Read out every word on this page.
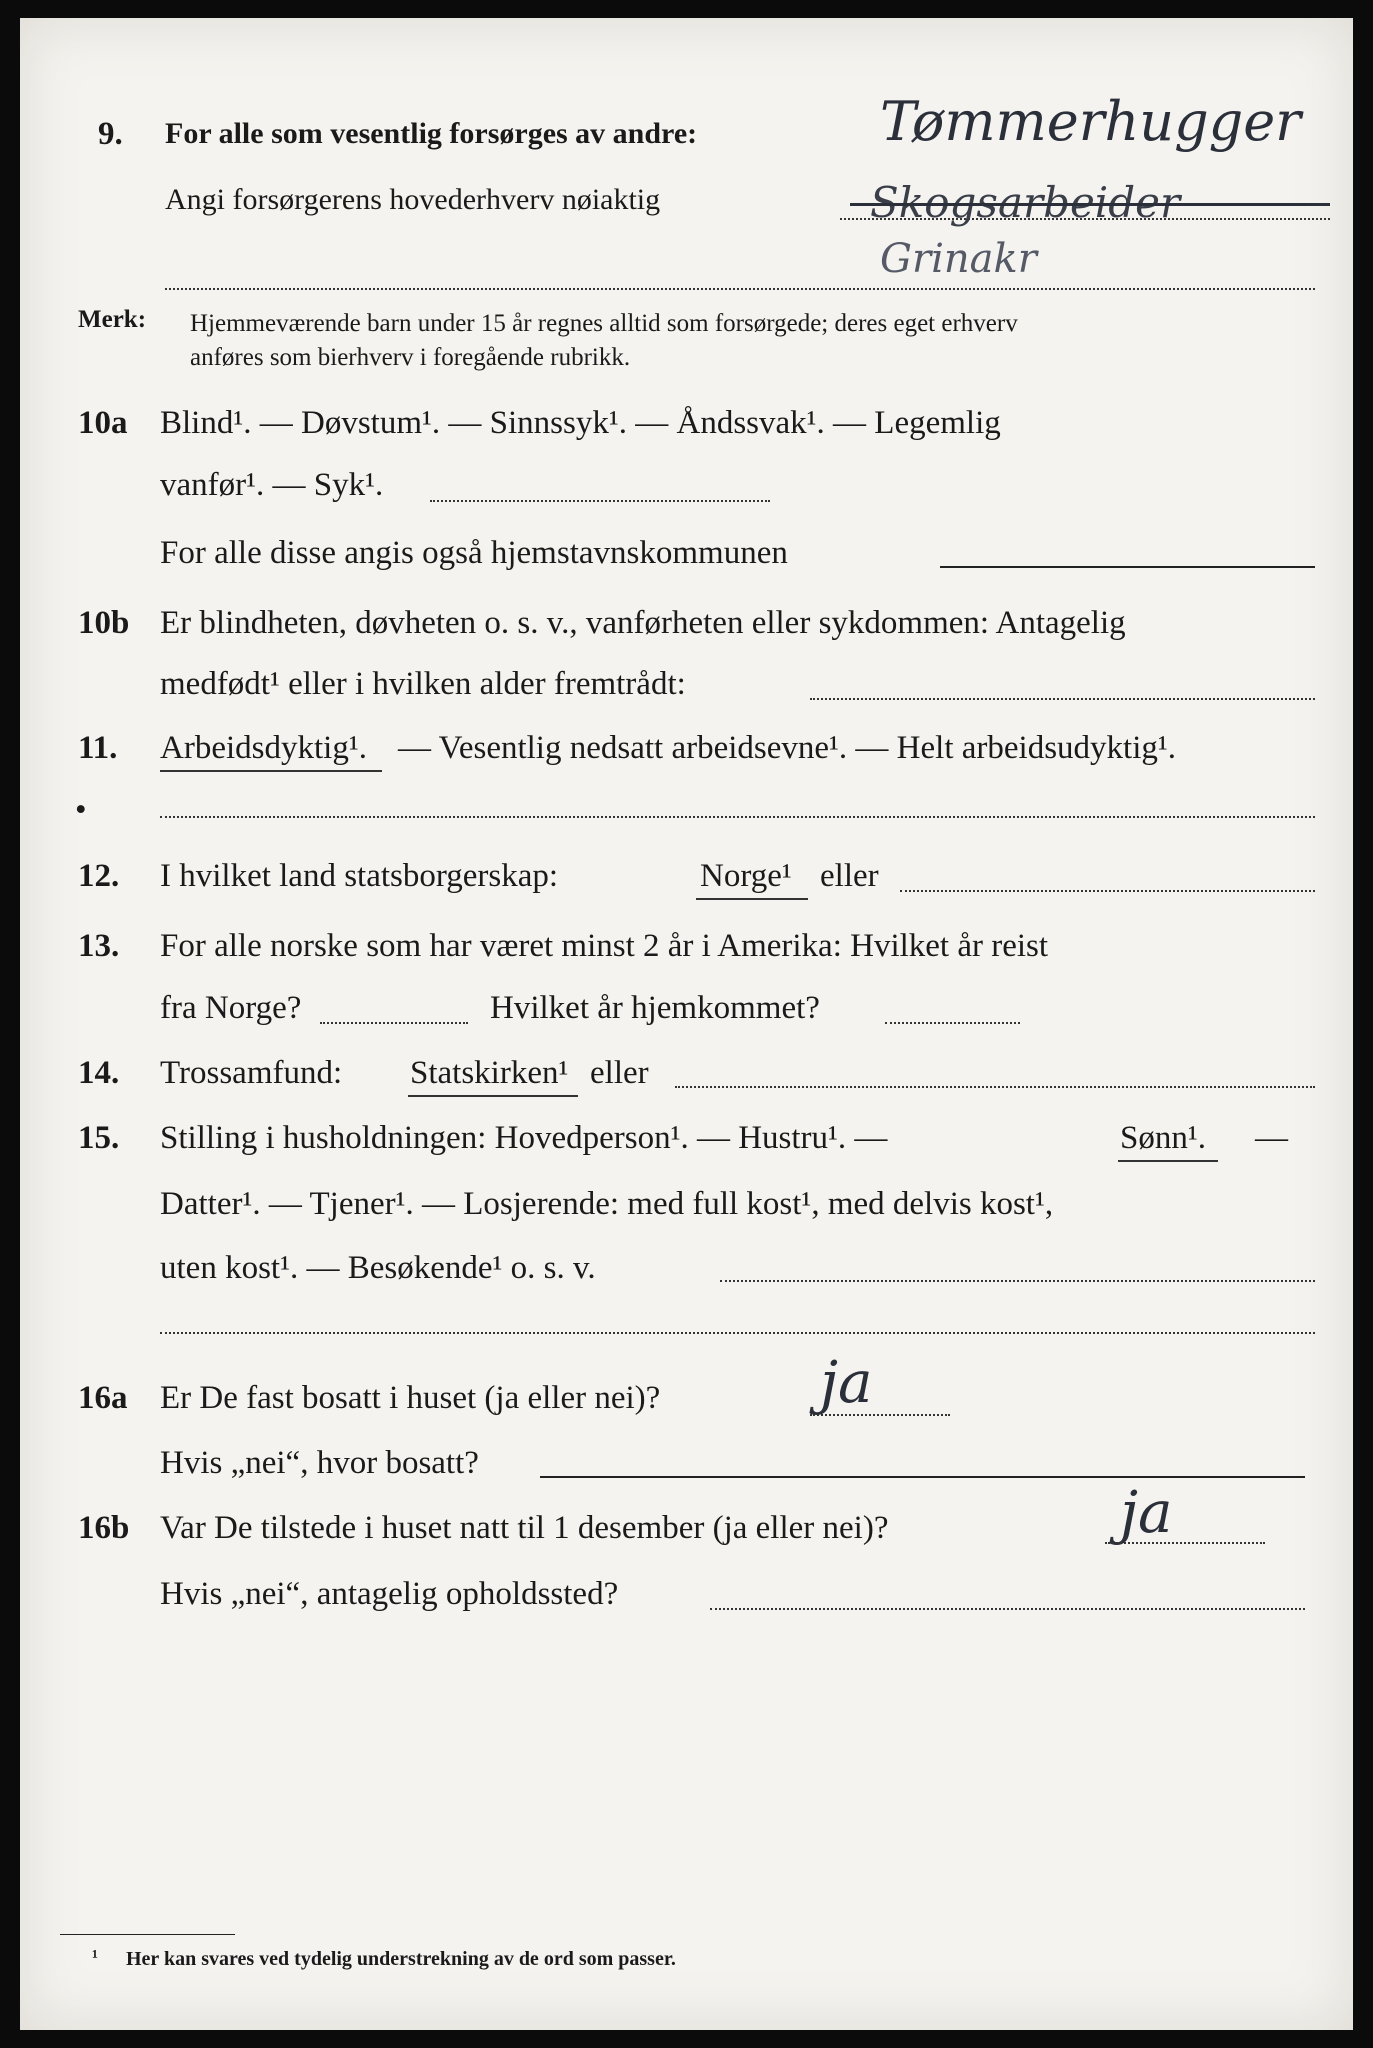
9. For alle som vesentlig forsørges av andre:	Tømmerhugger
Angi forsørgerens hovederhverv nøiaktig	Skogsarbeider
Grinakr
Merk: Hjemmeværende barn under 15 år regnes alltid som forsørgede; deres eget erhverv
anføres som bierhverv i foregående rubrikk.
10a Blind¹. — Døvstum¹. — Sinnssyk¹. — Åndssvak¹. — Legemlig
vanfør¹. — Syk¹.
For alle disse angis også hjemstavnskommunen
10b Er blindheten, døvheten o. s. v., vanførheten eller sykdommen: Antagelig
medfødt¹ eller i hvilken alder fremtrådt:
11. Arbeidsdyktig¹. — Vesentlig nedsatt arbeidsevne¹. — Helt arbeidsudyktig¹.
•
12. I hvilket land statsborgerskap:	Norge¹ eller
13. For alle norske som har været minst 2 år i Amerika: Hvilket år reist
fra Norge?	Hvilket år hjemkommet?
14. Trossamfund: Statskirken¹ eller
15. Stilling i husholdningen: Hovedperson¹. — Hustru¹. —	Sønn¹. —
Datter¹. — Tjener¹. — Losjerende: med full kost¹, med delvis kost¹,
uten kost¹. — Besøkende¹ o. s. v.
16a Er De fast bosatt i huset (ja eller nei)?	ja
Hvis „nei“, hvor bosatt?
16b Var De tilstede i huset natt til 1 desember (ja eller nei)?	ja
Hvis „nei“, antagelig opholdssted?
¹ Her kan svares ved tydelig understrekning av de ord som passer.
